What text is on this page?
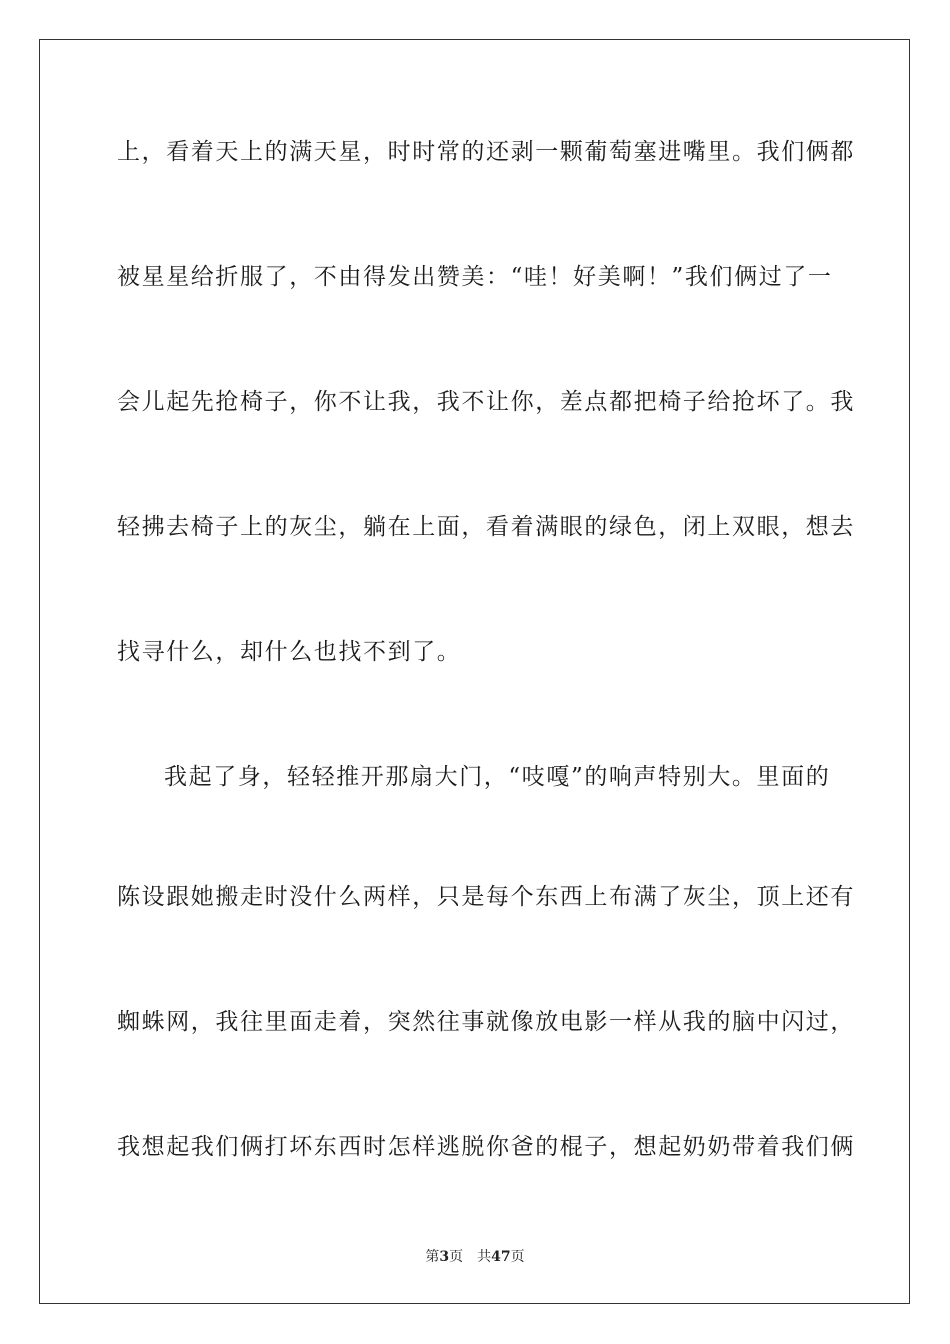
上，看着天上的满天星，时时常的还剥一颗葡萄塞进嘴里。我们俩都
被星星给折服了，不由得发出赞美：“哇！好美啊！”我们俩过了一
会儿起先抢椅子，你不让我，我不让你，差点都把椅子给抢坏了。我
轻拂去椅子上的灰尘，躺在上面，看着满眼的绿色，闭上双眼，想去
找寻什么，却什么也找不到了。
我起了身，轻轻推开那扇大门，“吱嘎”的响声特别大。里面的
陈设跟她搬走时没什么两样，只是每个东西上布满了灰尘，顶上还有
蜘蛛网，我往里面走着，突然往事就像放电影一样从我的脑中闪过，
我想起我们俩打坏东西时怎样逃脱你爸的棍子，想起奶奶带着我们俩
第3页 共47页
